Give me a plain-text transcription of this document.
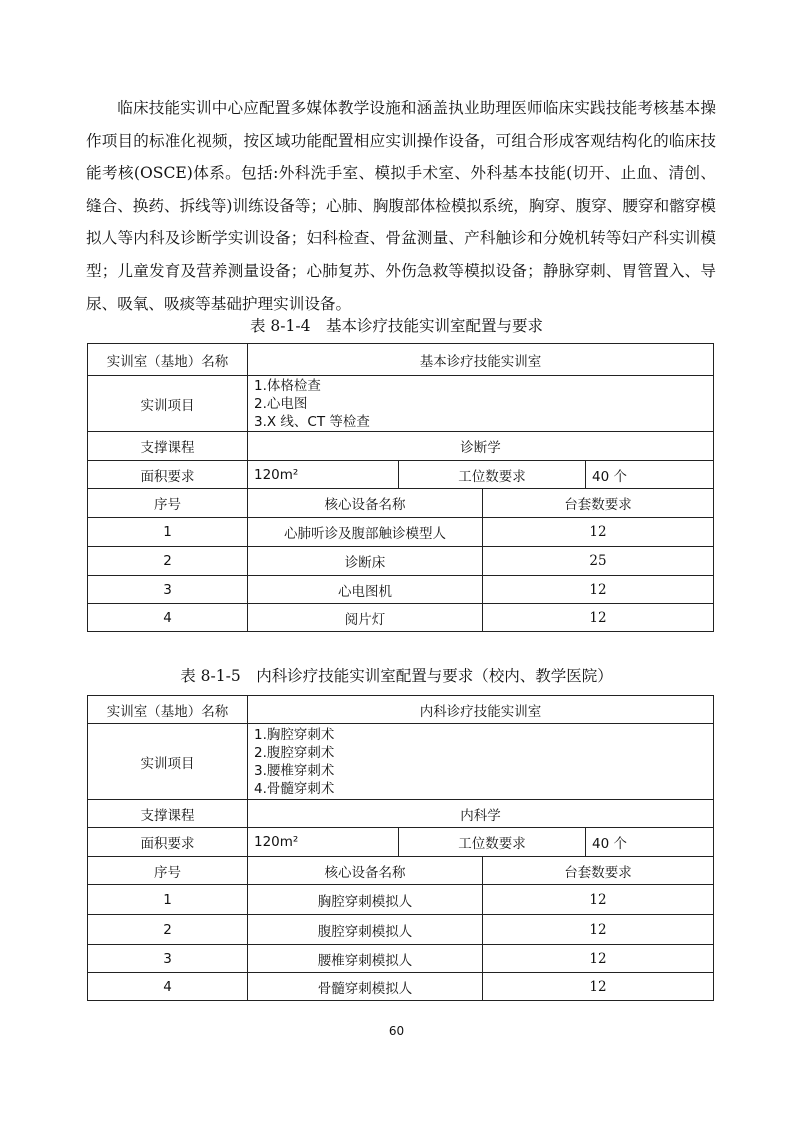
临床技能实训中心应配置多媒体教学设施和涵盖执业助理医师临床实践技能考核基本操作项目的标准化视频，按区域功能配置相应实训操作设备，可组合形成客观结构化的临床技能考核(OSCE)体系。包括:外科洗手室、模拟手术室、外科基本技能(切开、止血、清创、缝合、换药、拆线等)训练设备等；心肺、胸腹部体检模拟系统，胸穿、腹穿、腰穿和髂穿模拟人等内科及诊断学实训设备；妇科检查、骨盆测量、产科触诊和分娩机转等妇产科实训模型；儿童发育及营养测量设备；心肺复苏、外伤急救等模拟设备；静脉穿刺、胃管置入、导尿、吸氧、吸痰等基础护理实训设备。

表 8-1-4　基本诊疗技能实训室配置与要求
实训室（基地）名称	基本诊疗技能实训室			
实训项目	1.体格检查
2.心电图
3.X 线、CT 等检查			

支撑课程	诊断学			
面积要求	120m²	工位数要求		40 个
序号	核心设备名称		台套数要求	
1	心肺听诊及腹部触诊模型人		12	
2	诊断床		25	
3	心电图机		12	
4	阅片灯		12	
表 8-1-5　内科诊疗技能实训室配置与要求（校内、教学医院）
实训室（基地）名称	内科诊疗技能实训室			
实训项目	1.胸腔穿刺术
2.腹腔穿刺术
3.腰椎穿刺术
4.骨髓穿刺术			

支撑课程	内科学			
面积要求	120m²	工位数要求		40 个
序号	核心设备名称		台套数要求	
1	胸腔穿刺模拟人		12	
2	腹腔穿刺模拟人		12	
3	腰椎穿刺模拟人		12	
4	骨髓穿刺模拟人		12	
60
